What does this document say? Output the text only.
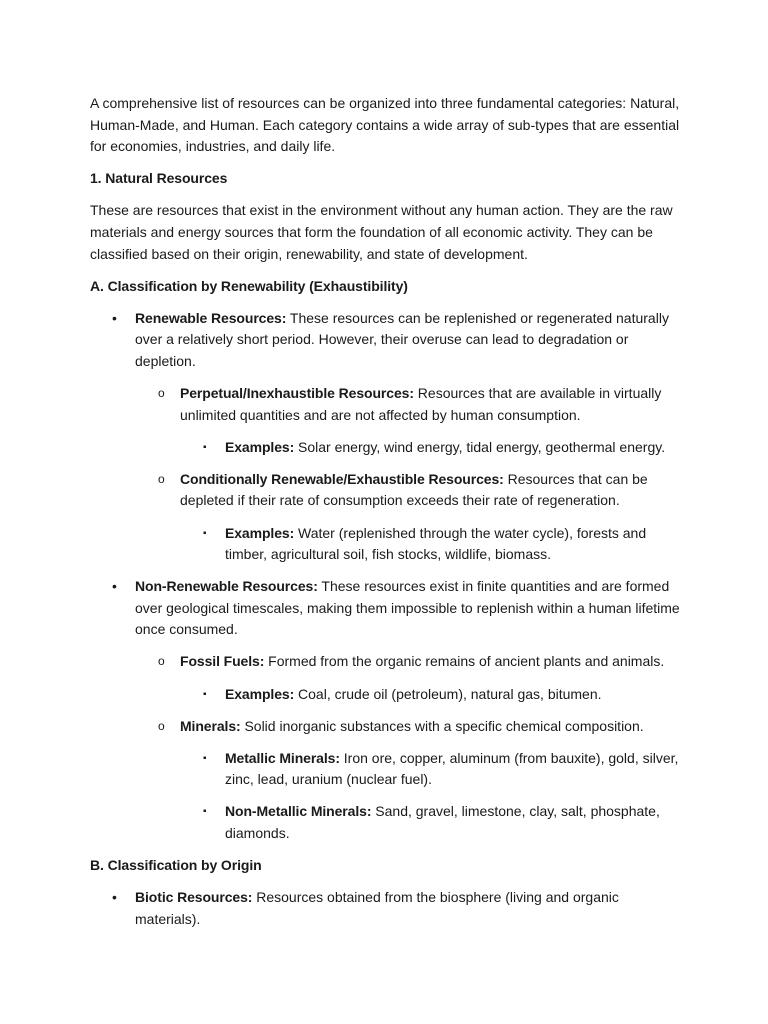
A comprehensive list of resources can be organized into three fundamental categories: Natural, Human-Made, and Human. Each category contains a wide array of sub-types that are essential for economies, industries, and daily life.

1. Natural Resources

These are resources that exist in the environment without any human action. They are the raw materials and energy sources that form the foundation of all economic activity. They can be classified based on their origin, renewability, and state of development.

A. Classification by Renewability (Exhaustibility)

• Renewable Resources: These resources can be replenished or regenerated naturally over a relatively short period. However, their overuse can lead to degradation or depletion.
o Perpetual/Inexhaustible Resources: Resources that are available in virtually unlimited quantities and are not affected by human consumption.
▪ Examples: Solar energy, wind energy, tidal energy, geothermal energy.
o Conditionally Renewable/Exhaustible Resources: Resources that can be depleted if their rate of consumption exceeds their rate of regeneration.
▪ Examples: Water (replenished through the water cycle), forests and timber, agricultural soil, fish stocks, wildlife, biomass.
• Non-Renewable Resources: These resources exist in finite quantities and are formed over geological timescales, making them impossible to replenish within a human lifetime once consumed.
o Fossil Fuels: Formed from the organic remains of ancient plants and animals.
▪ Examples: Coal, crude oil (petroleum), natural gas, bitumen.
o Minerals: Solid inorganic substances with a specific chemical composition.
▪ Metallic Minerals: Iron ore, copper, aluminum (from bauxite), gold, silver, zinc, lead, uranium (nuclear fuel).
▪ Non-Metallic Minerals: Sand, gravel, limestone, clay, salt, phosphate, diamonds.

B. Classification by Origin

• Biotic Resources: Resources obtained from the biosphere (living and organic materials).
